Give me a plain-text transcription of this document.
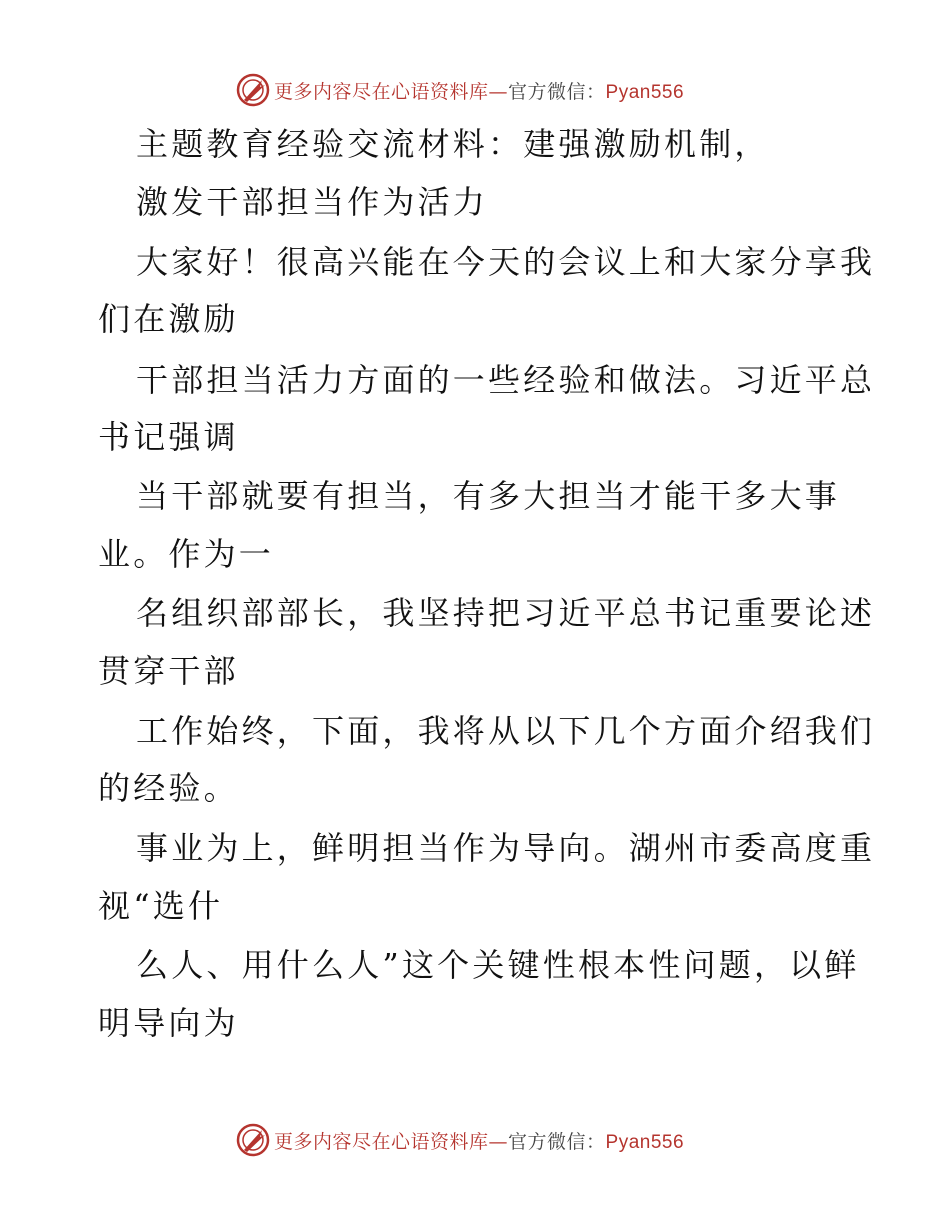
更多内容尽在心语资料库—官方微信：Pyan556
主题教育经验交流材料：建强激励机制，
激发干部担当作为活力
大家好！很高兴能在今天的会议上和大家分享我
们在激励
干部担当活力方面的一些经验和做法。习近平总
书记强调
当干部就要有担当，有多大担当才能干多大事
业。作为一
名组织部部长，我坚持把习近平总书记重要论述
贯穿干部
工作始终，下面，我将从以下几个方面介绍我们
的经验。
事业为上，鲜明担当作为导向。湖州市委高度重
视“选什
么人、用什么人”这个关键性根本性问题，以鲜
明导向为
更多内容尽在心语资料库—官方微信：Pyan556
